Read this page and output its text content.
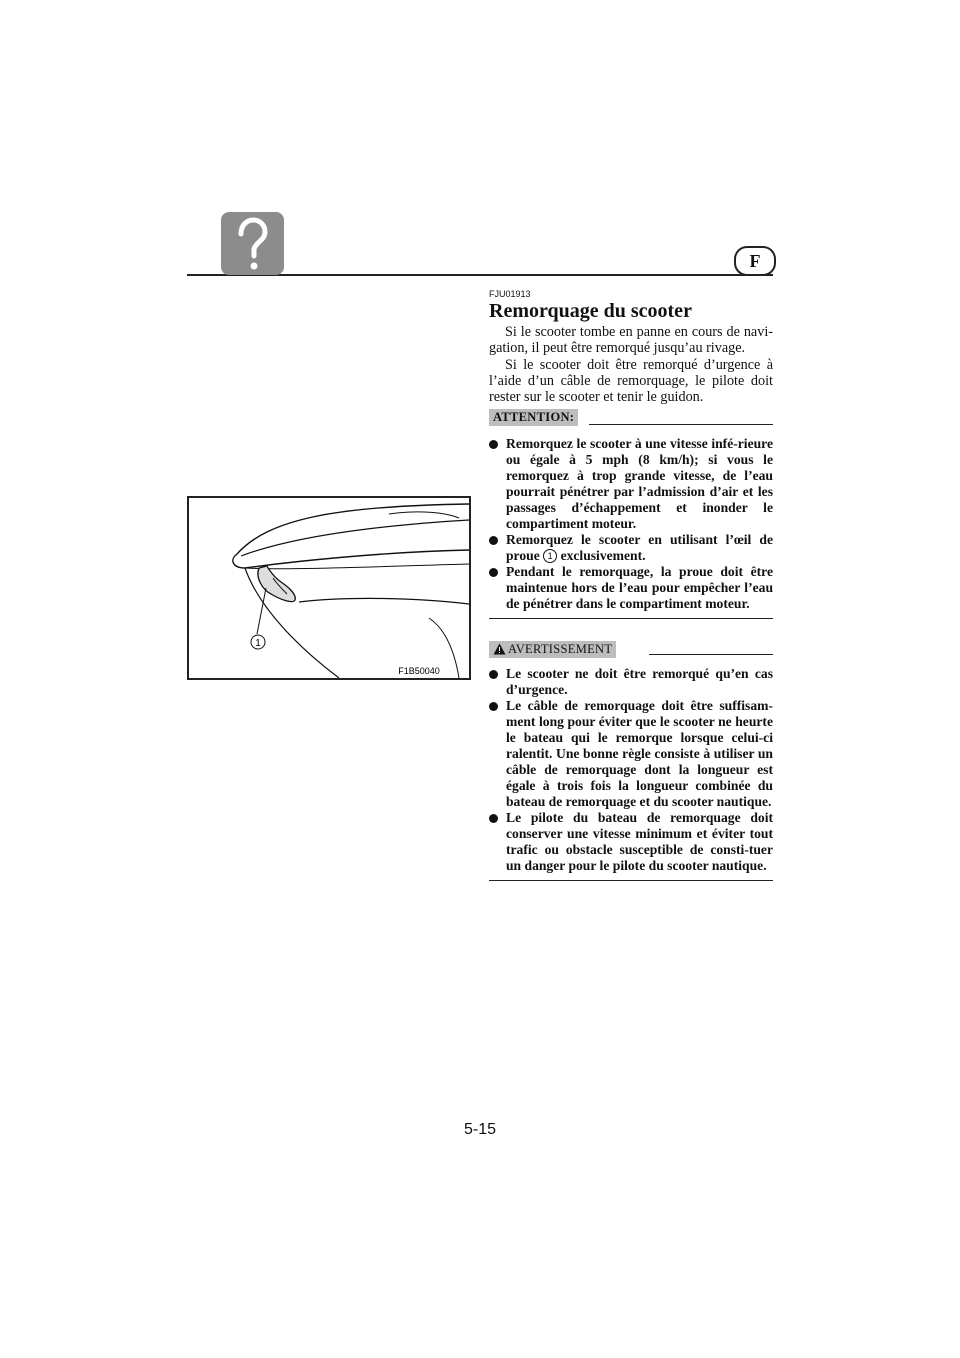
F
1
F1B50040
FJU01913
Remorquage du scooter

Si le scooter tombe en panne en cours de navi-gation, il peut être remorqué jusqu’au rivage.

Si le scooter doit être remorqué d’urgence à l’aide d’un câble de remorquage, le pilote doit rester sur le scooter et tenir le guidon.

ATTENTION:
Remorquez le scooter à une vitesse infé-rieure ou égale à 5 mph (8 km/h); si vous le remorquez à trop grande vitesse, de l’eau pourrait pénétrer par l’admission d’air et les passages d’échappement et inonder le compartiment moteur.
Remorquez le scooter en utilisant l’œil de proue 1 exclusivement.
Pendant le remorquage, la proue doit être maintenue hors de l’eau pour empêcher l’eau de pénétrer dans le compartiment moteur.
AVERTISSEMENT
Le scooter ne doit être remorqué qu’en cas d’urgence.
Le câble de remorquage doit être suffisam-ment long pour éviter que le scooter ne heurte le bateau qui le remorque lorsque celui-ci ralentit. Une bonne règle consiste à utiliser un câble de remorquage dont la longueur est égale à trois fois la longueur combinée du bateau de remorquage et du scooter nautique.
Le pilote du bateau de remorquage doit conserver une vitesse minimum et éviter tout trafic ou obstacle susceptible de consti-tuer un danger pour le pilote du scooter nautique.
5-15
